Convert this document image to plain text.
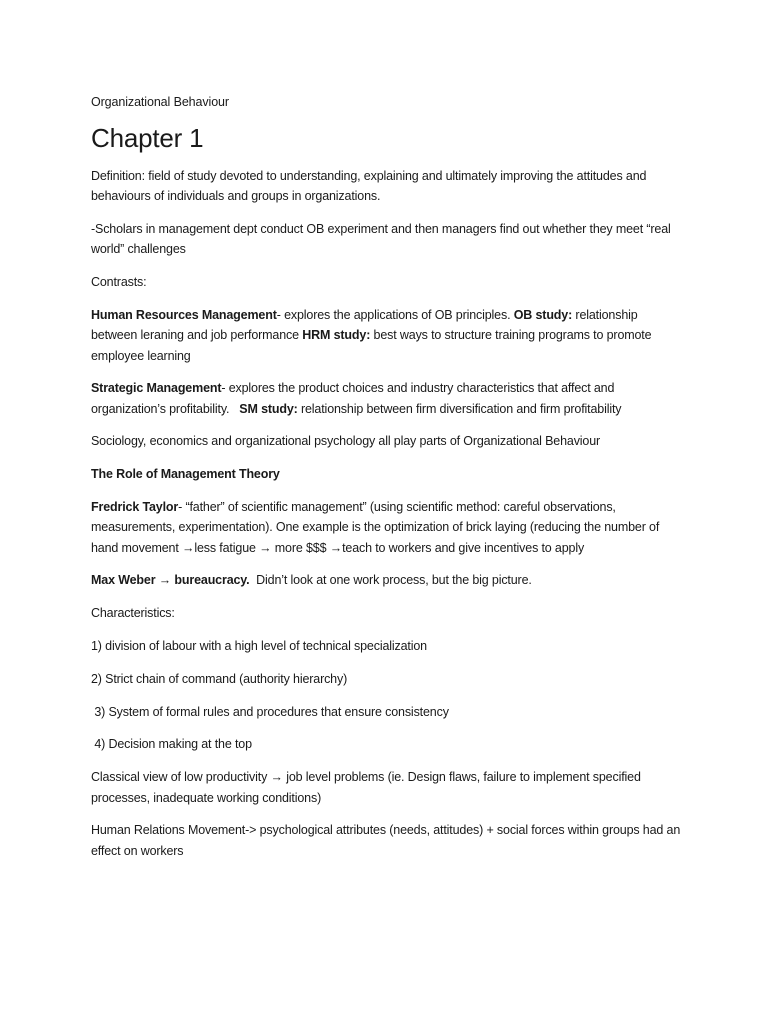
Organizational Behaviour
Chapter 1

Definition: field of study devoted to understanding, explaining and ultimately improving the attitudes and behaviours of individuals and groups in organizations.

-Scholars in management dept conduct OB experiment and then managers find out whether they meet “real world” challenges

Contrasts:

Human Resources Management- explores the applications of OB principles. OB study: relationship between leraning and job performance HRM study: best ways to structure training programs to promote employee learning

Strategic Management- explores the product choices and industry characteristics that affect and organization’s profitability.   SM study: relationship between firm diversification and firm profitability

Sociology, economics and organizational psychology all play parts of Organizational Behaviour

The Role of Management Theory

Fredrick Taylor- “father” of scientific management” (using scientific method: careful observations, measurements, experimentation). One example is the optimization of brick laying (reducing the number of hand movement →less fatigue → more $$$ →teach to workers and give incentives to apply

Max Weber → bureaucracy.  Didn’t look at one work process, but the big picture.

Characteristics:

1) division of labour with a high level of technical specialization

2) Strict chain of command (authority hierarchy)

3) System of formal rules and procedures that ensure consistency

4) Decision making at the top

Classical view of low productivity → job level problems (ie. Design flaws, failure to implement specified processes, inadequate working conditions)

Human Relations Movement-> psychological attributes (needs, attitudes) + social forces within groups had an effect on workers
